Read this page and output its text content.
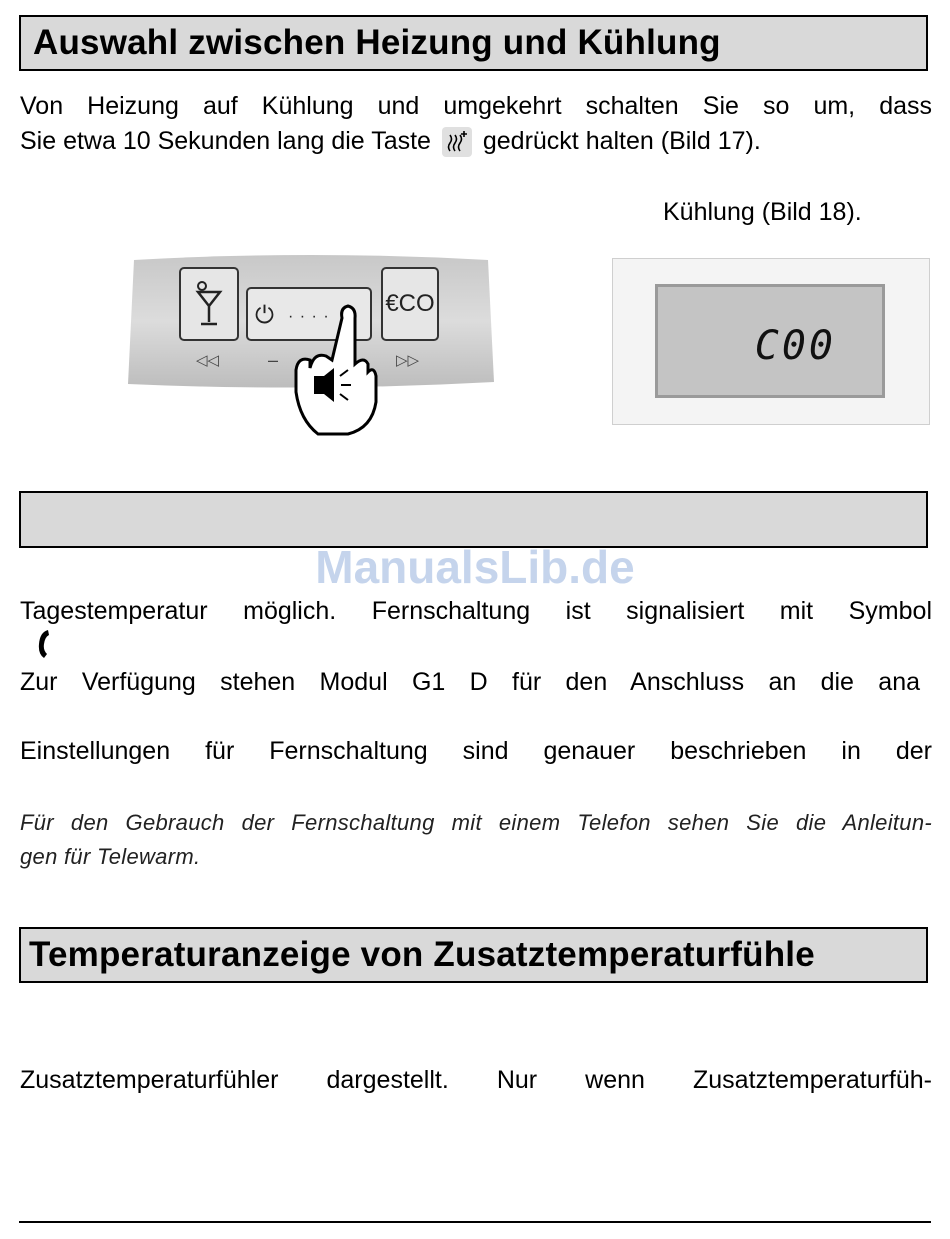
Auswahl zwischen Heizung und Kühlung
Von Heizung auf Kühlung und umgekehrt schalten Sie so um, dass
Sie etwa 10 Sekunden lang die Taste gedrückt halten (Bild 17).
Kühlung (Bild 18).
⏻ · · · · €CO
◁◁	–	▷▷	C00
ManualsLib.de
Tagestemperatur möglich. Fernschaltung ist signalisiert mit Symbol
Zur Verfügung stehen Modul G1 D für den Anschluss an die ana
Einstellungen für Fernschaltung sind genauer beschrieben in der
Für den Gebrauch der Fernschaltung mit einem Telefon sehen Sie die Anleitun-
gen für Telewarm.
Temperaturanzeige von Zusatztemperaturfühle
Zusatztemperaturfühler dargestellt. Nur wenn Zusatztemperaturfüh-
